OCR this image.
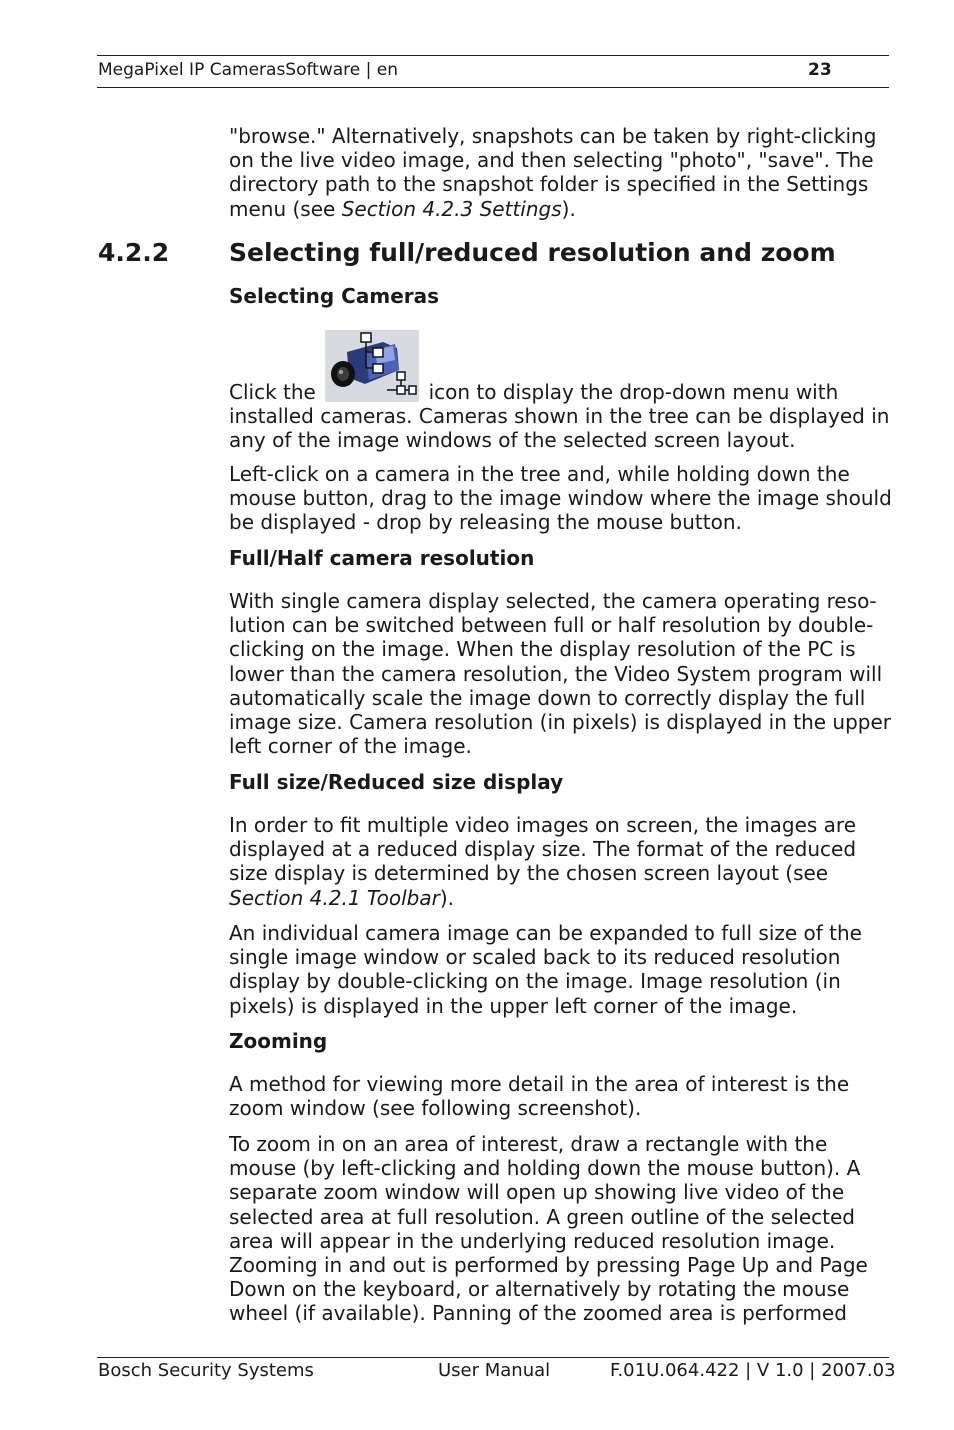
MegaPixel IP CamerasSoftware | en	23

"browse." Alternatively, snapshots can be taken by right-clicking on the live video image, and then selecting "photo", "save". The directory path to the snapshot folder is specified in the Settings menu (see Section 4.2.3 Settings).

4.2.2 Selecting full/reduced resolution and zoom
Selecting Cameras

Click the	icon to display the drop-down menu with installed cameras. Cameras shown in the tree can be displayed in any of the image windows of the selected screen layout.

Left-click on a camera in the tree and, while holding down the mouse button, drag to the image window where the image should be displayed - drop by releasing the mouse button.

Full/Half camera resolution

With single camera display selected, the camera operating resolution can be switched between full or half resolution by double-clicking on the image. When the display resolution of the PC is lower than the camera resolution, the Video System program will automatically scale the image down to correctly display the full image size. Camera resolution (in pixels) is displayed in the upper left corner of the image.

Full size/Reduced size display

In order to fit multiple video images on screen, the images are displayed at a reduced display size. The format of the reduced size display is determined by the chosen screen layout (see Section 4.2.1 Toolbar).

An individual camera image can be expanded to full size of the single image window or scaled back to its reduced resolution display by double-clicking on the image. Image resolution (in pixels) is displayed in the upper left corner of the image.

Zooming

A method for viewing more detail in the area of interest is the zoom window (see following screenshot).

To zoom in on an area of interest, draw a rectangle with the mouse (by left-clicking and holding down the mouse button). A separate zoom window will open up showing live video of the selected area at full resolution. A green outline of the selected area will appear in the underlying reduced resolution image. Zooming in and out is performed by pressing Page Up and Page Down on the keyboard, or alternatively by rotating the mouse wheel (if available). Panning of the zoomed area is performed

Bosch Security Systems	User Manual	F.01U.064.422 | V 1.0 | 2007.03
